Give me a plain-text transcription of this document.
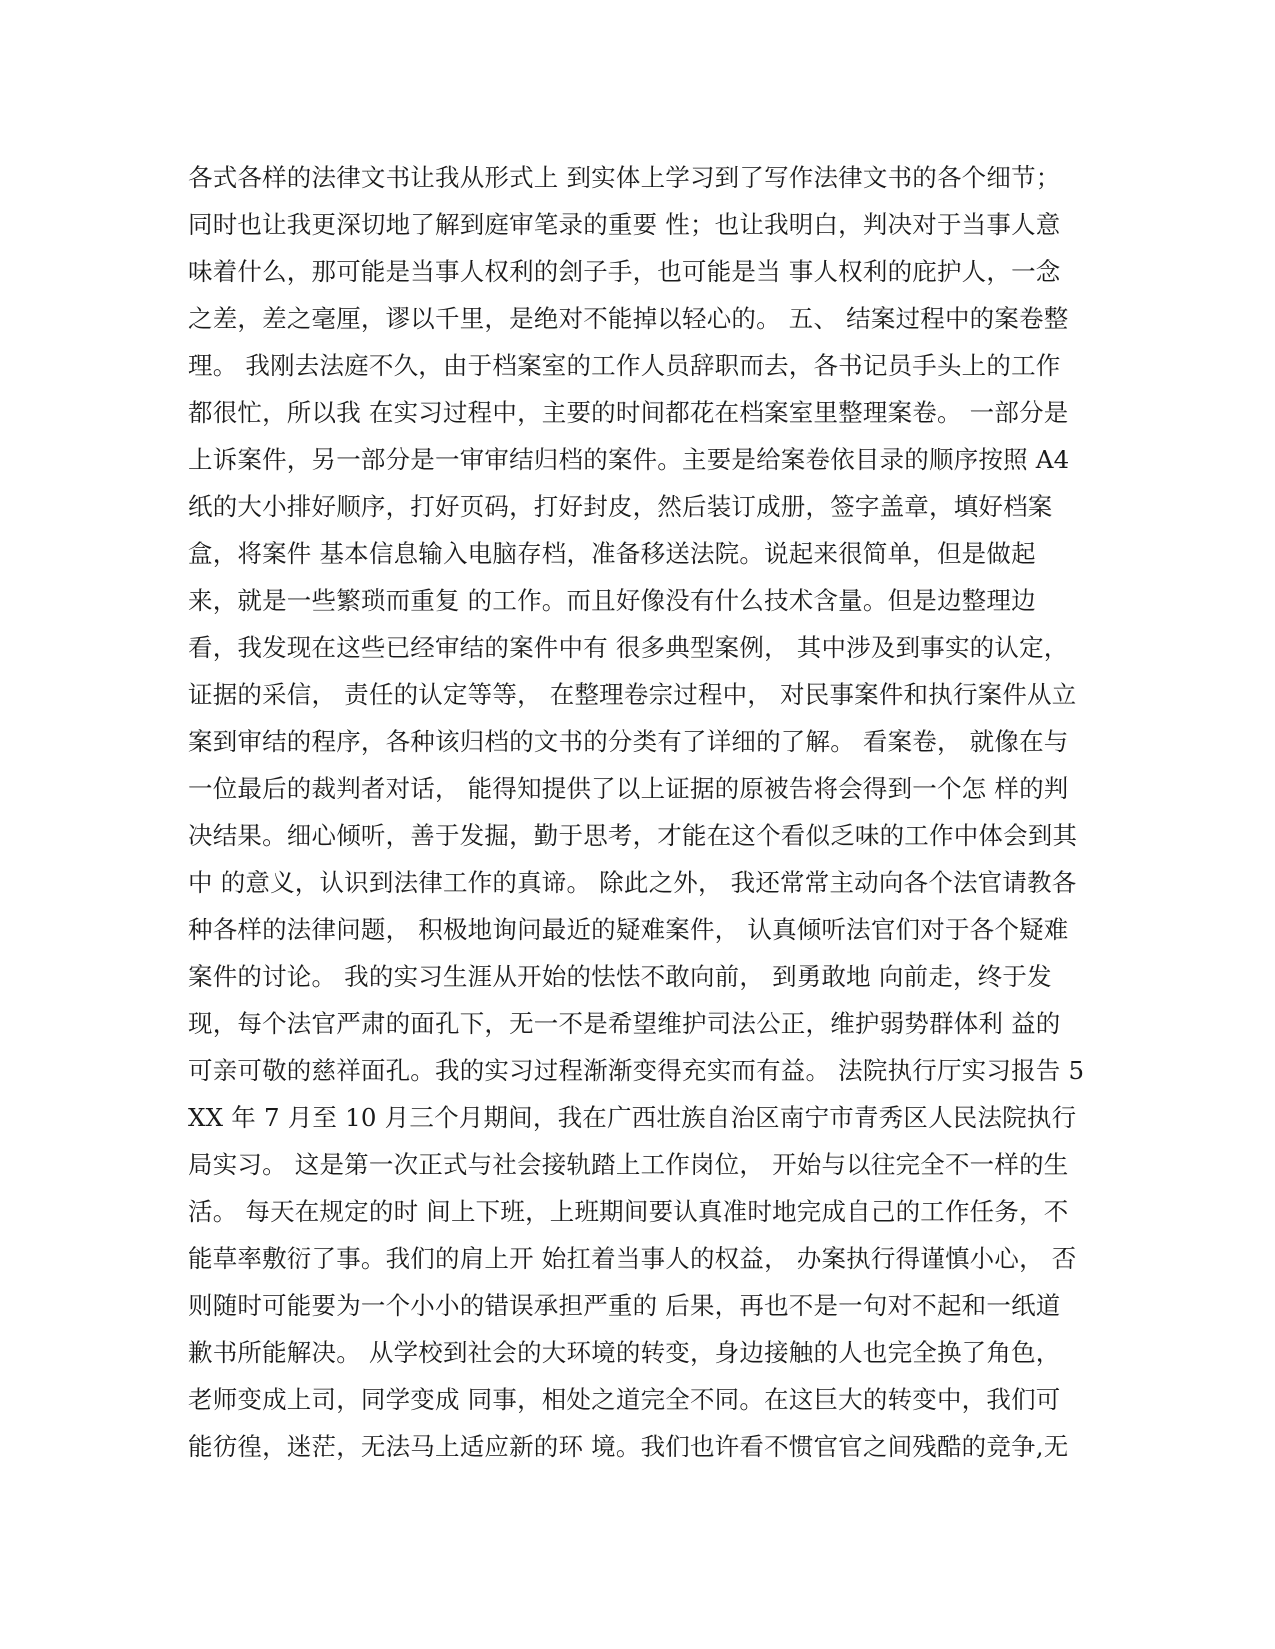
各式各样的法律文书让我从形式上 到实体上学习到了写作法律文书的各个细节；
同时也让我更深切地了解到庭审笔录的重要 性；也让我明白，判决对于当事人意
味着什么，那可能是当事人权利的刽子手，也可能是当 事人权利的庇护人，一念
之差，差之毫厘，谬以千里，是绝对不能掉以轻心的。 五、 结案过程中的案卷整
理。 我刚去法庭不久，由于档案室的工作人员辞职而去，各书记员手头上的工作
都很忙，所以我 在实习过程中，主要的时间都花在档案室里整理案卷。 一部分是
上诉案件，另一部分是一审审结归档的案件。主要是给案卷依目录的顺序按照 A4
纸的大小排好顺序，打好页码，打好封皮，然后装订成册，签字盖章，填好档案
盒，将案件 基本信息输入电脑存档，准备移送法院。说起来很简单，但是做起
来，就是一些繁琐而重复 的工作。而且好像没有什么技术含量。但是边整理边
看，我发现在这些已经审结的案件中有 很多典型案例， 其中涉及到事实的认定，
证据的采信， 责任的认定等等， 在整理卷宗过程中， 对民事案件和执行案件从立
案到审结的程序，各种该归档的文书的分类有了详细的了解。 看案卷， 就像在与
一位最后的裁判者对话， 能得知提供了以上证据的原被告将会得到一个怎 样的判
决结果。细心倾听，善于发掘，勤于思考，才能在这个看似乏味的工作中体会到其
中 的意义，认识到法律工作的真谛。 除此之外， 我还常常主动向各个法官请教各
种各样的法律问题， 积极地询问最近的疑难案件， 认真倾听法官们对于各个疑难
案件的讨论。 我的实习生涯从开始的怯怯不敢向前， 到勇敢地 向前走，终于发
现，每个法官严肃的面孔下，无一不是希望维护司法公正，维护弱势群体利 益的
可亲可敬的慈祥面孔。我的实习过程渐渐变得充实而有益。 法院执行厅实习报告 5
XX 年 7 月至 10 月三个月期间，我在广西壮族自治区南宁市青秀区人民法院执行
局实习。 这是第一次正式与社会接轨踏上工作岗位， 开始与以往完全不一样的生
活。 每天在规定的时 间上下班，上班期间要认真准时地完成自己的工作任务，不
能草率敷衍了事。我们的肩上开 始扛着当事人的权益， 办案执行得谨慎小心， 否
则随时可能要为一个小小的错误承担严重的 后果，再也不是一句对不起和一纸道
歉书所能解决。 从学校到社会的大环境的转变，身边接触的人也完全换了角色，
老师变成上司，同学变成 同事，相处之道完全不同。在这巨大的转变中，我们可
能彷徨，迷茫，无法马上适应新的环 境。我们也许看不惯官官之间残酷的竞争,无
